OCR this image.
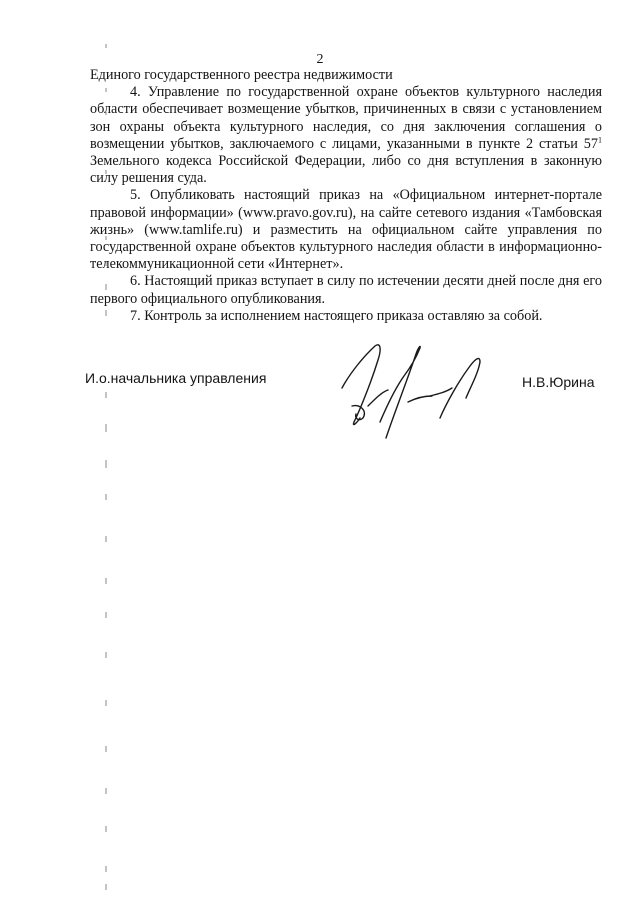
2

Единого государственного реестра недвижимости

4. Управление по государственной охране объектов культурного наследия области обеспечивает возмещение убытков, причиненных в связи с установлением зон охраны объекта культурного наследия, со дня заключения соглашения о возмещении убытков, заключаемого с лицами, указанными в пункте 2 статьи $57^1$ Земельного кодекса Российской Федерации, либо со дня вступления в законную силу решения суда.

5. Опубликовать настоящий приказ на «Официальном интернет-портале правовой информации» (www.pravo.gov.ru), на сайте сетевого издания «Тамбовская жизнь» (www.tamlife.ru) и разместить на официальном сайте управления по государственной охране объектов культурного наследия области в информационно-телекоммуникационной сети «Интернет».

6. Настоящий приказ вступает в силу по истечении десяти дней после дня его первого официального опубликования.

7. Контроль за исполнением настоящего приказа оставляю за собой.

И.о.начальника управления	Н.В.Юрина
